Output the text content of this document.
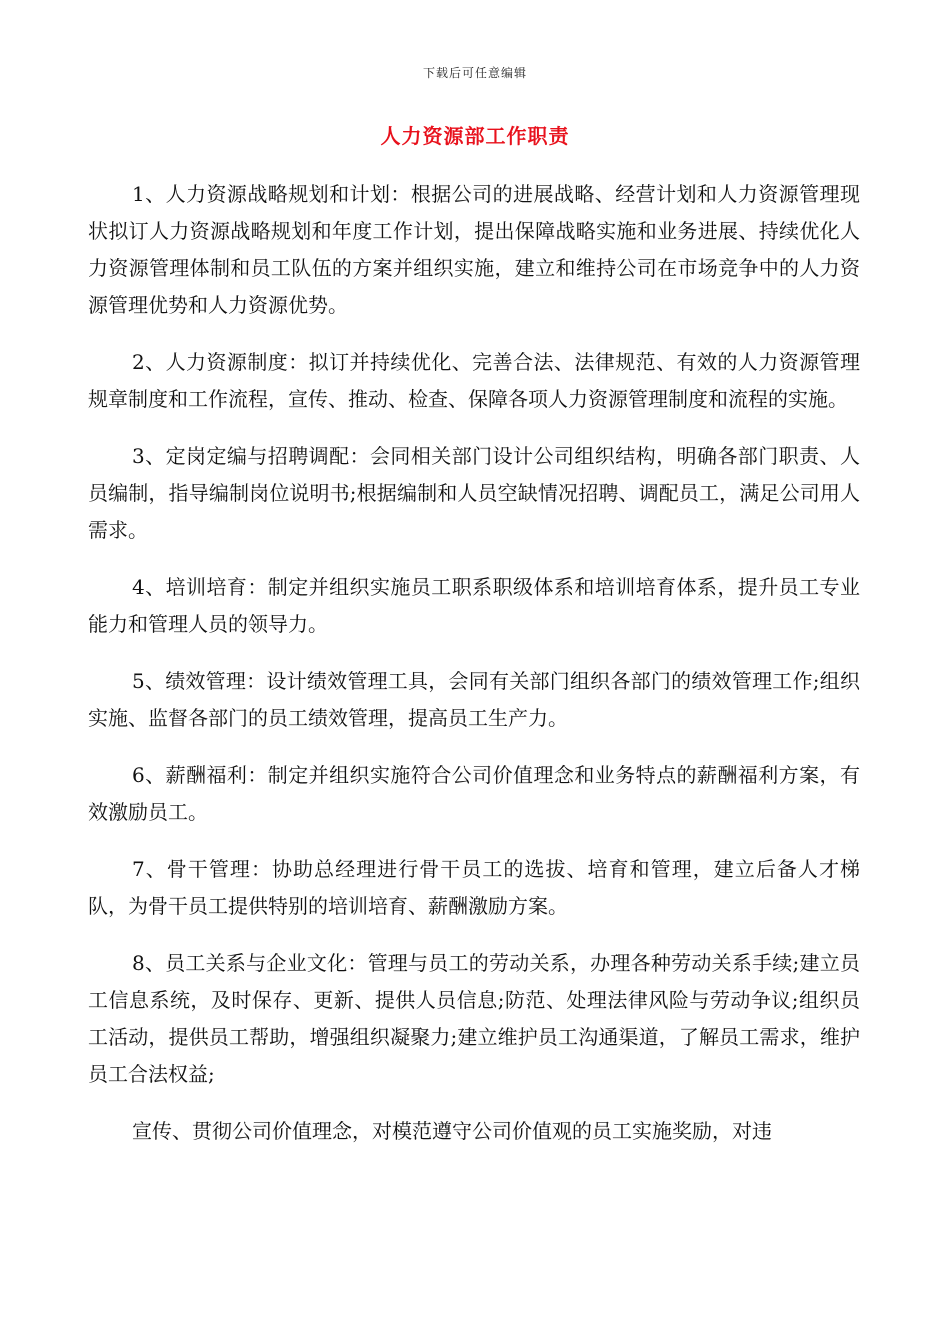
下载后可任意编辑
人力资源部工作职责

1、人力资源战略规划和计划：根据公司的进展战略、经营计划和人力资源管理现状拟订人力资源战略规划和年度工作计划，提出保障战略实施和业务进展、持续优化人力资源管理体制和员工队伍的方案并组织实施，建立和维持公司在市场竞争中的人力资源管理优势和人力资源优势。

2、人力资源制度：拟订并持续优化、完善合法、法律规范、有效的人力资源管理规章制度和工作流程，宣传、推动、检查、保障各项人力资源管理制度和流程的实施。

3、定岗定编与招聘调配：会同相关部门设计公司组织结构，明确各部门职责、人员编制，指导编制岗位说明书;根据编制和人员空缺情况招聘、调配员工，满足公司用人需求。

4、培训培育：制定并组织实施员工职系职级体系和培训培育体系，提升员工专业能力和管理人员的领导力。

5、绩效管理：设计绩效管理工具，会同有关部门组织各部门的绩效管理工作;组织实施、监督各部门的员工绩效管理，提高员工生产力。

6、薪酬福利：制定并组织实施符合公司价值理念和业务特点的薪酬福利方案，有效激励员工。

7、骨干管理：协助总经理进行骨干员工的选拔、培育和管理，建立后备人才梯队，为骨干员工提供特别的培训培育、薪酬激励方案。

8、员工关系与企业文化：管理与员工的劳动关系，办理各种劳动关系手续;建立员工信息系统，及时保存、更新、提供人员信息;防范、处理法律风险与劳动争议;组织员工活动，提供员工帮助，增强组织凝聚力;建立维护员工沟通渠道，了解员工需求，维护员工合法权益;

宣传、贯彻公司价值理念，对模范遵守公司价值观的员工实施奖励，对违
